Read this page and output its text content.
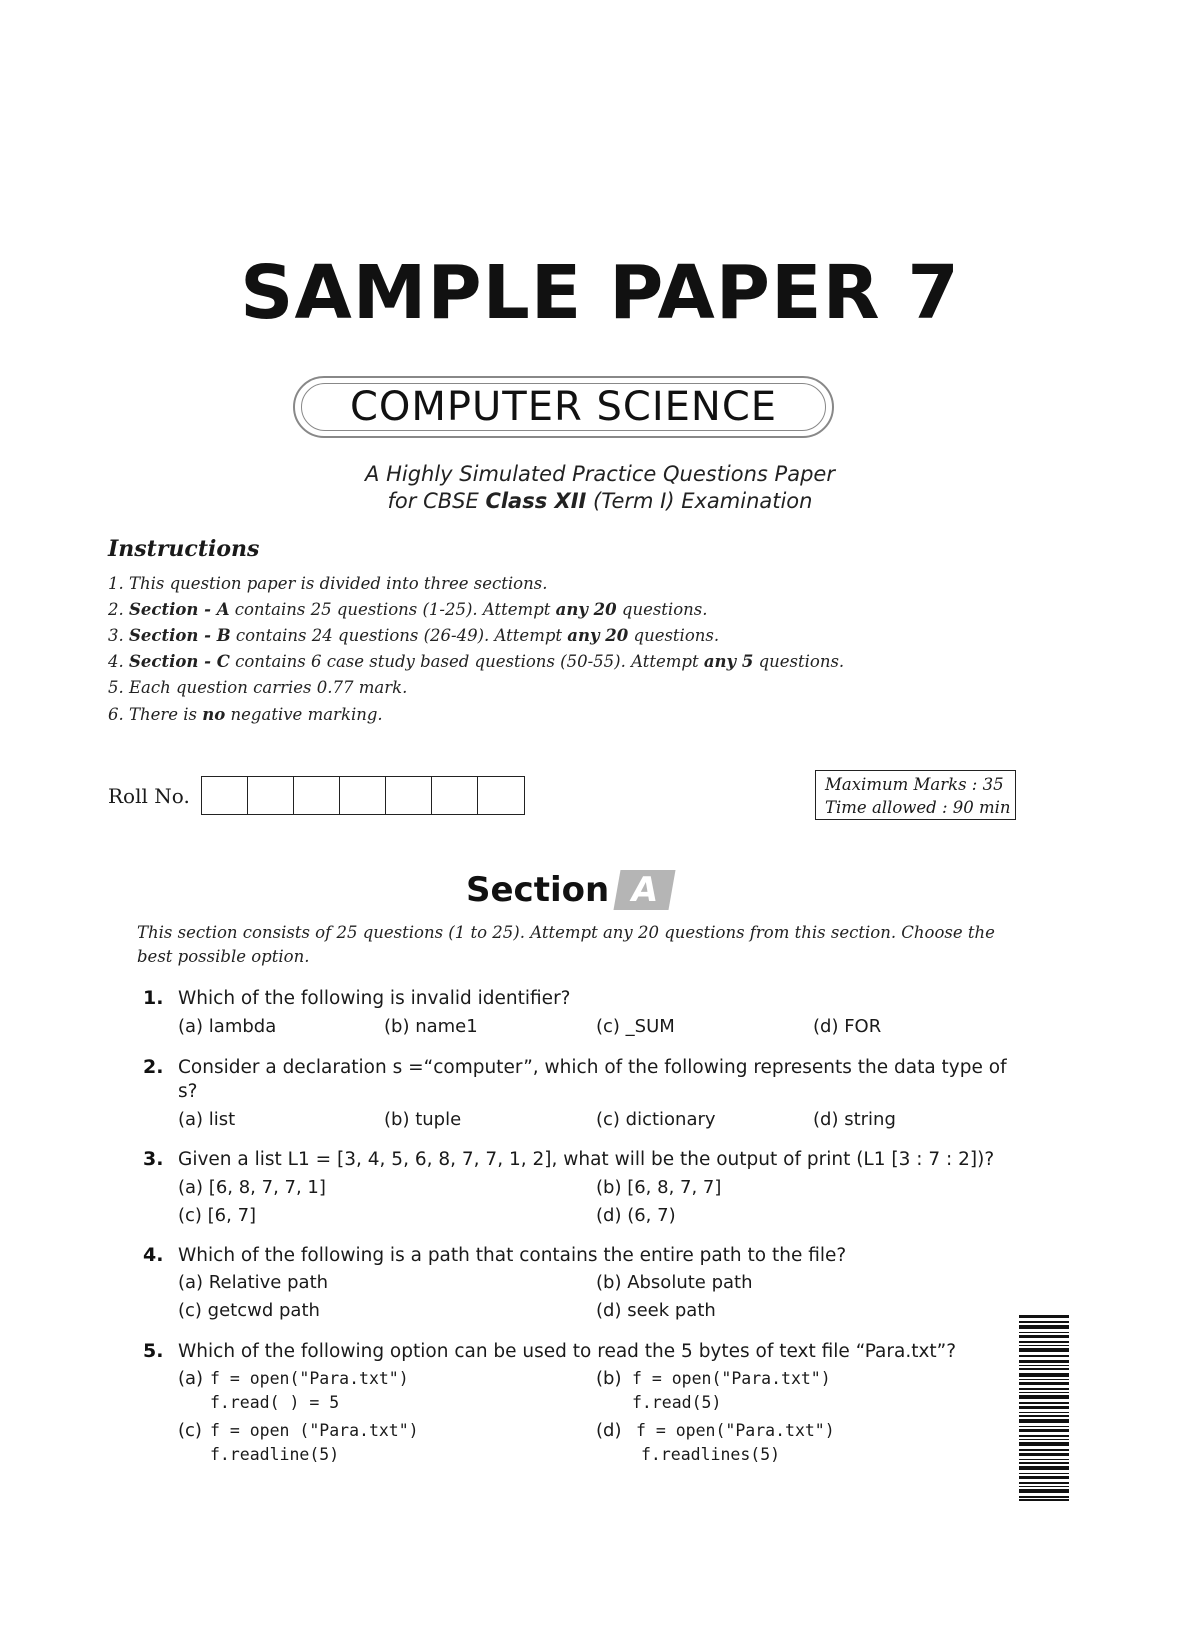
SAMPLE PAPER 7
COMPUTER SCIENCE
A Highly Simulated Practice Questions Paper
for CBSE Class XII (Term I) Examination
Instructions
1. This question paper is divided into three sections.
2. Section - A contains 25 questions (1-25). Attempt any 20 questions.
3. Section - B contains 24 questions (26-49). Attempt any 20 questions.
4. Section - C contains 6 case study based questions (50-55). Attempt any 5 questions.
5. Each question carries 0.77 mark.
6. There is no negative marking.
Roll No.	Maximum Marks : 35
Time allowed : 90 min
Section A
This section consists of 25 questions (1 to 25). Attempt any 20 questions from this section. Choose the best possible option.
1. Which of the following is invalid identifier?
(a) lambda	(b) name1	(c) _SUM	(d) FOR
2. Consider a declaration s =“computer”, which of the following represents the data type of s?
(a) list	(b) tuple	(c) dictionary	(d) string
3. Given a list L1 = [3, 4, 5, 6, 8, 7, 7, 1, 2], what will be the output of print (L1 [3 : 7 : 2])?
(a) [6, 8, 7, 7, 1]	(b) [6, 8, 7, 7]
(c) [6, 7]	(d) (6, 7)
4. Which of the following is a path that contains the entire path to the file?
(a) Relative path	(b) Absolute path
(c) getcwd path	(d) seek path
5. Which of the following option can be used to read the 5 bytes of text file “Para.txt”?
(a) f = open("Para.txt")
f.read( ) = 5
(b) f = open("Para.txt")
f.read(5)
(c) f = open ("Para.txt")
f.readline(5)
(d) f = open("Para.txt")
f.readlines(5)
